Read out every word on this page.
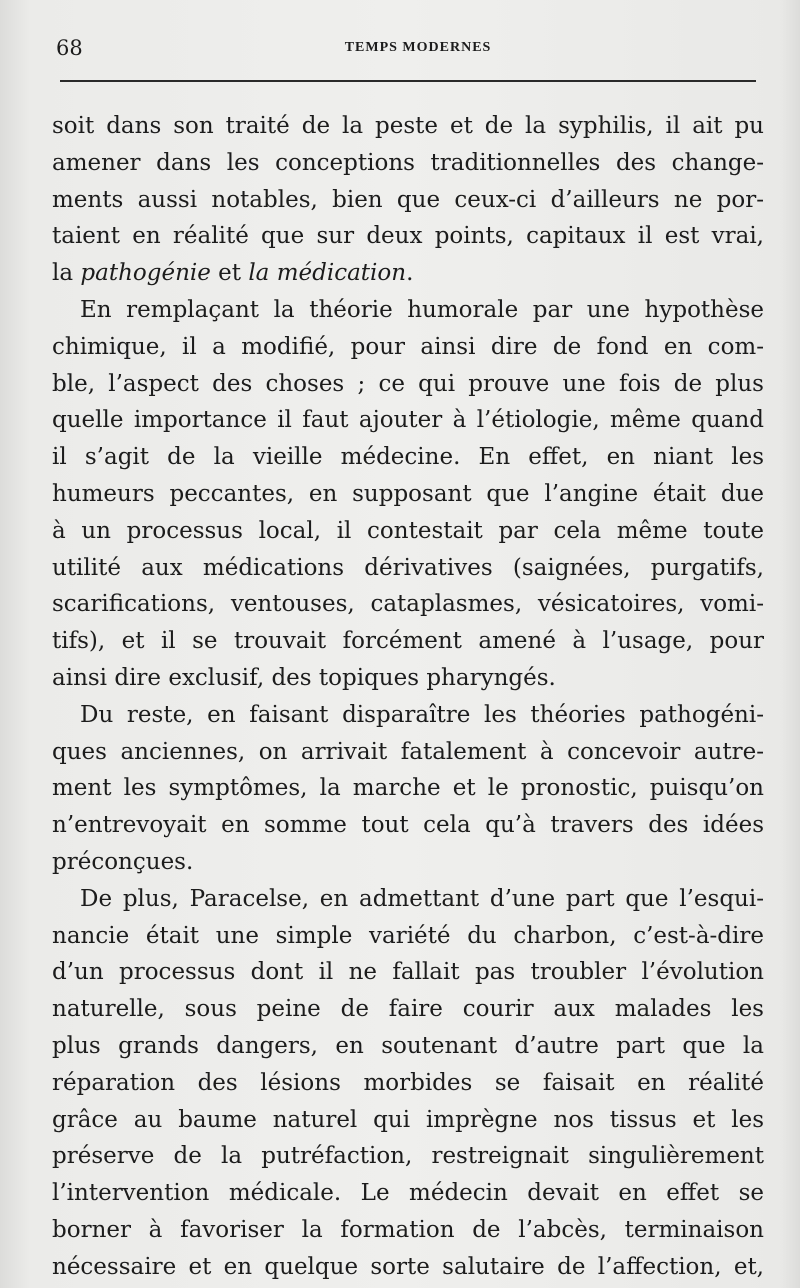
68	TEMPS MODERNES
soit dans son traité de la peste et de la syphilis, il ait pu
amener dans les conceptions traditionnelles des change-
ments aussi notables, bien que ceux-ci d’ailleurs ne por-
taient en réalité que sur deux points, capitaux il est vrai,
la pathogénie et la médication.
En remplaçant la théorie humorale par une hypothèse
chimique, il a modifié, pour ainsi dire de fond en com-
ble, l’aspect des choses ; ce qui prouve une fois de plus
quelle importance il faut ajouter à l’étiologie, même quand
il s’agit de la vieille médecine. En effet, en niant les
humeurs peccantes, en supposant que l’angine était due
à un processus local, il contestait par cela même toute
utilité aux médications dérivatives (saignées, purgatifs,
scarifications, ventouses, cataplasmes, vésicatoires, vomi-
tifs), et il se trouvait forcément amené à l’usage, pour
ainsi dire exclusif, des topiques pharyngés.
Du reste, en faisant disparaître les théories pathogéni-
ques anciennes, on arrivait fatalement à concevoir autre-
ment les symptômes, la marche et le pronostic, puisqu’on
n’entrevoyait en somme tout cela qu’à travers des idées
préconçues.
De plus, Paracelse, en admettant d’une part que l’esqui-
nancie était une simple variété du charbon, c’est-à-dire
d’un processus dont il ne fallait pas troubler l’évolution
naturelle, sous peine de faire courir aux malades les
plus grands dangers, en soutenant d’autre part que la
réparation des lésions morbides se faisait en réalité
grâce au baume naturel qui imprègne nos tissus et les
préserve de la putréfaction, restreignait singulièrement
l’intervention médicale. Le médecin devait en effet se
borner à favoriser la formation de l’abcès, terminaison
nécessaire et en quelque sorte salutaire de l’affection, et,
